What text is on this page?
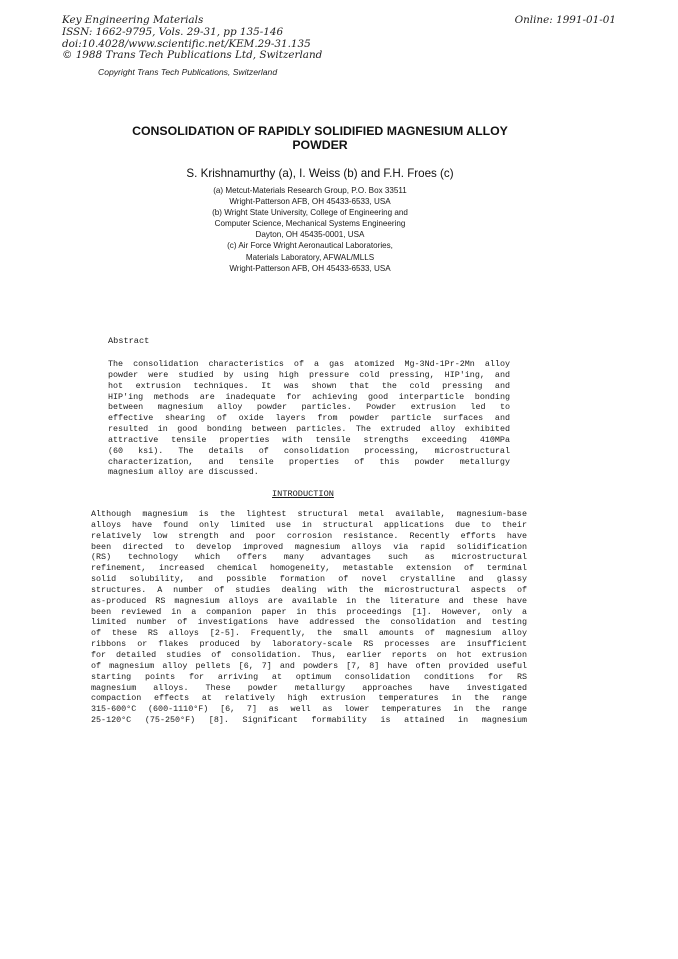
Key Engineering Materials
ISSN: 1662-9795, Vols. 29-31, pp 135-146
doi:10.4028/www.scientific.net/KEM.29-31.135
© 1988 Trans Tech Publications Ltd, Switzerland
Online: 1991-01-01
Copyright Trans Tech Publications, Switzerland
CONSOLIDATION OF RAPIDLY SOLIDIFIED MAGNESIUM ALLOY
POWDER
S. Krishnamurthy (a), I. Weiss (b) and F.H. Froes (c)
(a) Metcut-Materials Research Group, P.O. Box 33511
Wright-Patterson AFB, OH 45433-6533, USA
(b) Wright State University, College of Engineering and
Computer Science, Mechanical Systems Engineering
Dayton, OH 45435-0001, USA
(c) Air Force Wright Aeronautical Laboratories,
Materials Laboratory, AFWAL/MLLS
Wright-Patterson AFB, OH 45433-6533, USA
Abstract
The consolidation characteristics of a gas atomized Mg-3Nd-1Pr-2Mn alloy
powder were studied by using high pressure cold pressing, HIP'ing, and
hot extrusion techniques. It was shown that the cold pressing and
HIP'ing methods are inadequate for achieving good interparticle bonding
between magnesium alloy powder particles. Powder extrusion led to
effective shearing of oxide layers from powder particle surfaces and
resulted in good bonding between particles. The extruded alloy exhibited
attractive tensile properties with tensile strengths exceeding 410MPa
(60 ksi). The details of consolidation processing, microstructural
characterization, and tensile properties of this powder metallurgy
magnesium alloy are discussed.
INTRODUCTION
Although magnesium is the lightest structural metal available, magnesium-base
alloys have found only limited use in structural applications due to their
relatively low strength and poor corrosion resistance. Recently efforts have
been directed to develop improved magnesium alloys via rapid solidification
(RS) technology which offers many advantages such as microstructural
refinement, increased chemical homogeneity, metastable extension of terminal
solid solubility, and possible formation of novel crystalline and glassy
structures. A number of studies dealing with the microstructural aspects of
as-produced RS magnesium alloys are available in the literature and these have
been reviewed in a companion paper in this proceedings [1]. However, only a
limited number of investigations have addressed the consolidation and testing
of these RS alloys [2-5]. Frequently, the small amounts of magnesium alloy
ribbons or flakes produced by laboratory-scale RS processes are insufficient
for detailed studies of consolidation. Thus, earlier reports on hot extrusion
of magnesium alloy pellets [6, 7] and powders [7, 8] have often provided useful
starting points for arriving at optimum consolidation conditions for RS
magnesium alloys. These powder metallurgy approaches have investigated
compaction effects at relatively high extrusion temperatures in the range
315-600°C (600-1110°F) [6, 7] as well as lower temperatures in the range
25-120°C (75-250°F) [8]. Significant formability is attained in magnesium
